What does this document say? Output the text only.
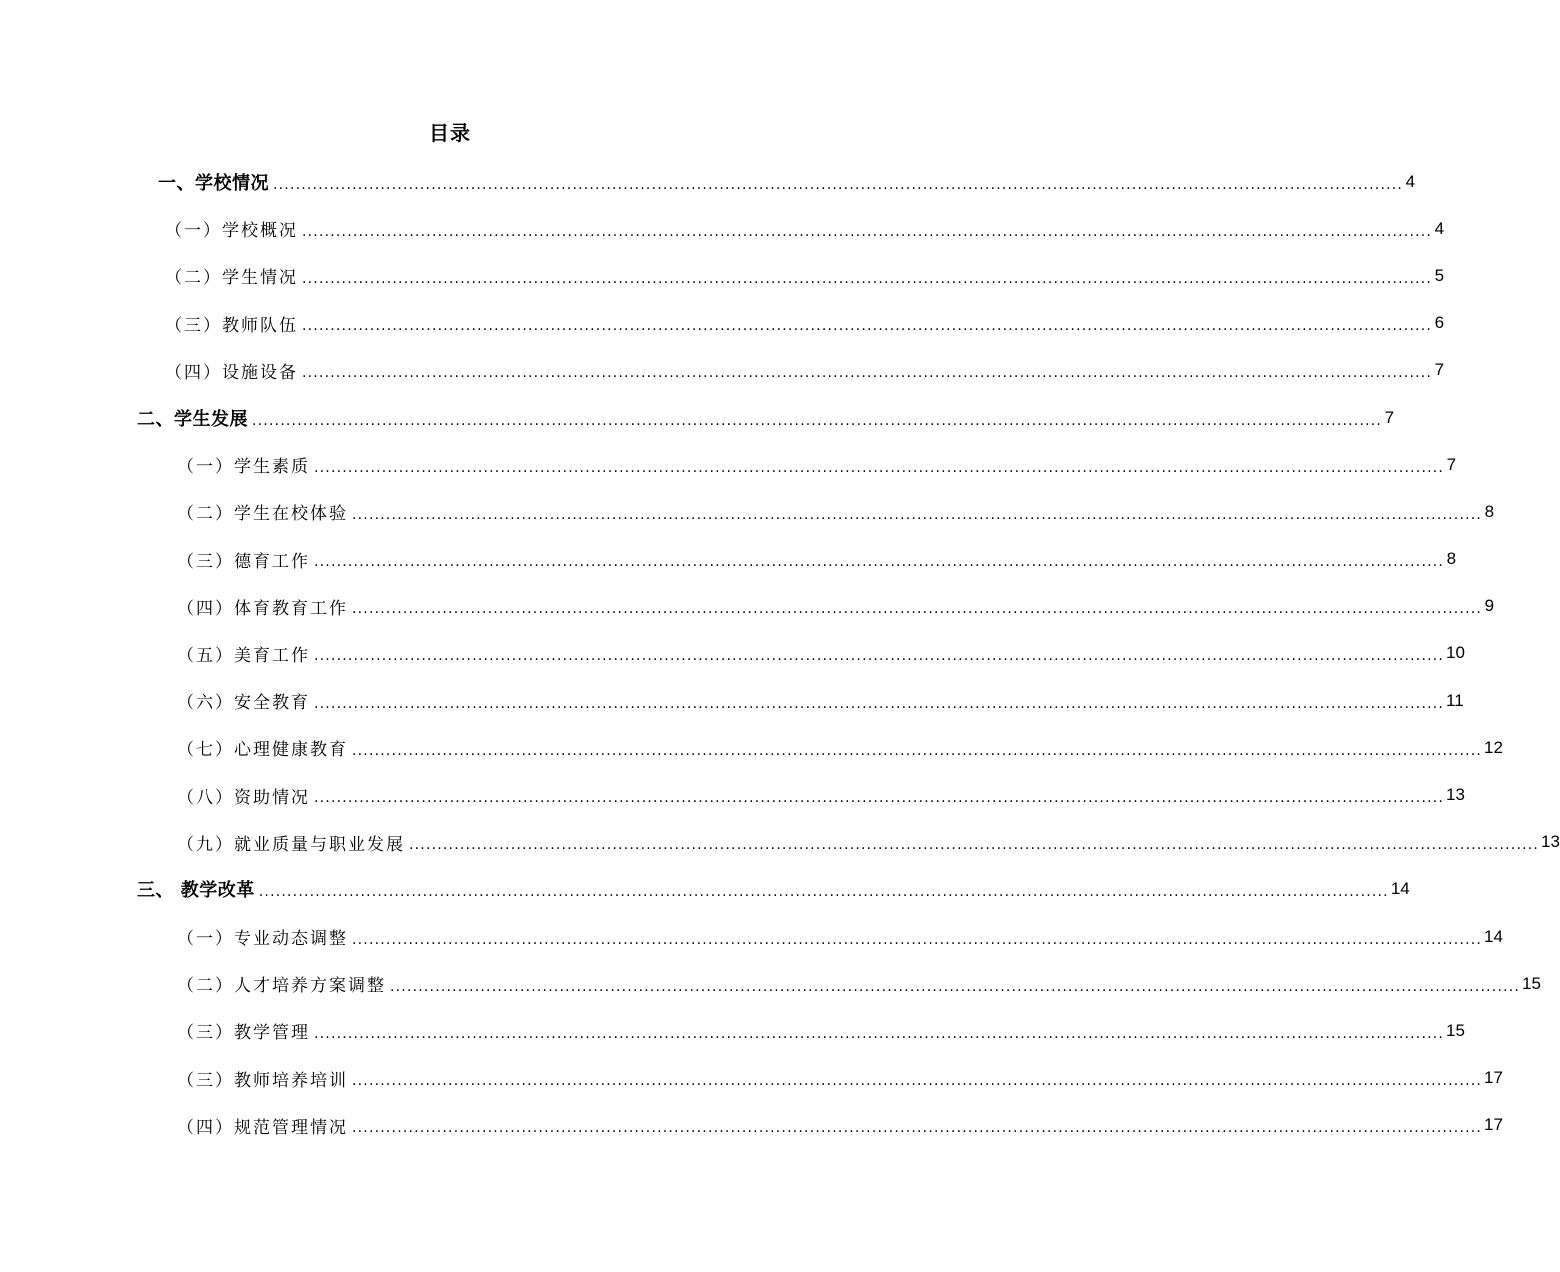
目录
一、学校情况 ........................................................................................................................................................................................................ 4
（一）学校概况 ........................................................................................................................................................................................................ 4
（二）学生情况 ........................................................................................................................................................................................................ 5
（三）教师队伍 ........................................................................................................................................................................................................ 6
（四）设施设备 ........................................................................................................................................................................................................ 7
二、学生发展 ........................................................................................................................................................................................................ 7
（一）学生素质 ........................................................................................................................................................................................................ 7
（二）学生在校体验 ........................................................................................................................................................................................................ 8
（三）德育工作 ........................................................................................................................................................................................................ 8
（四）体育教育工作 ........................................................................................................................................................................................................ 9
（五）美育工作 ........................................................................................................................................................................................................ 10
（六）安全教育 ........................................................................................................................................................................................................ 11
（七）心理健康教育 ........................................................................................................................................................................................................ 12
（八）资助情况 ........................................................................................................................................................................................................ 13
（九）就业质量与职业发展 ........................................................................................................................................................................................................ 13
三、 教学改革 ........................................................................................................................................................................................................ 14
（一）专业动态调整 ........................................................................................................................................................................................................ 14
（二）人才培养方案调整 ........................................................................................................................................................................................................ 15
（三）教学管理 ........................................................................................................................................................................................................ 15
（三）教师培养培训 ........................................................................................................................................................................................................ 17
（四）规范管理情况 ........................................................................................................................................................................................................ 17
